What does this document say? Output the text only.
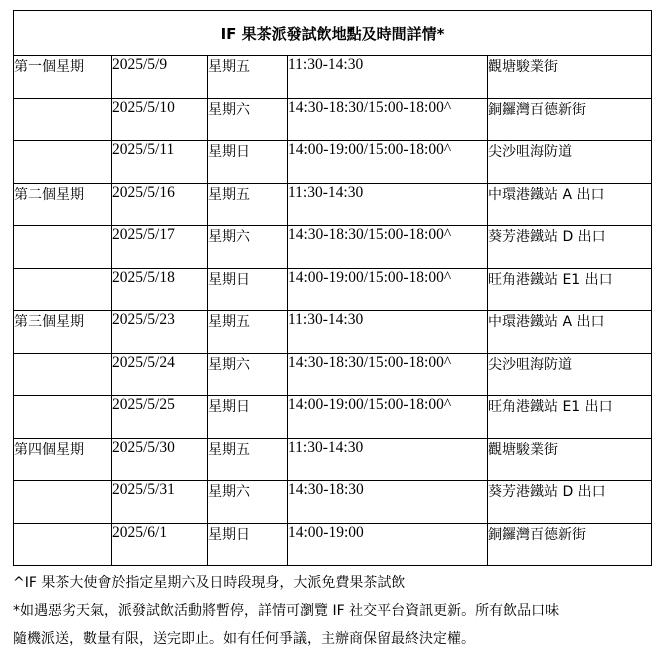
IF 果茶派發試飲地點及時間詳情*				
第一個星期	2025/5/9	星期五	11:30-14:30	觀塘駿業街
	2025/5/10	星期六	14:30-18:30/15:00-18:00^	銅鑼灣百德新街
	2025/5/11	星期日	14:00-19:00/15:00-18:00^	尖沙咀海防道
第二個星期	2025/5/16	星期五	11:30-14:30	中環港鐵站 A 出口
	2025/5/17	星期六	14:30-18:30/15:00-18:00^	葵芳港鐵站 D 出口
	2025/5/18	星期日	14:00-19:00/15:00-18:00^	旺角港鐵站 E1 出口
第三個星期	2025/5/23	星期五	11:30-14:30	中環港鐵站 A 出口
	2025/5/24	星期六	14:30-18:30/15:00-18:00^	尖沙咀海防道
	2025/5/25	星期日	14:00-19:00/15:00-18:00^	旺角港鐵站 E1 出口
第四個星期	2025/5/30	星期五	11:30-14:30	觀塘駿業街
	2025/5/31	星期六	14:30-18:30	葵芳港鐵站 D 出口
	2025/6/1	星期日	14:00-19:00	銅鑼灣百德新街

^IF 果茶大使會於指定星期六及日時段現身，大派免費果茶試飲

*如遇惡劣天氣，派發試飲活動將暫停，詳情可瀏覽 IF 社交平台資訊更新。所有飲品口味

隨機派送，數量有限，送完即止。如有任何爭議，主辦商保留最終決定權。
